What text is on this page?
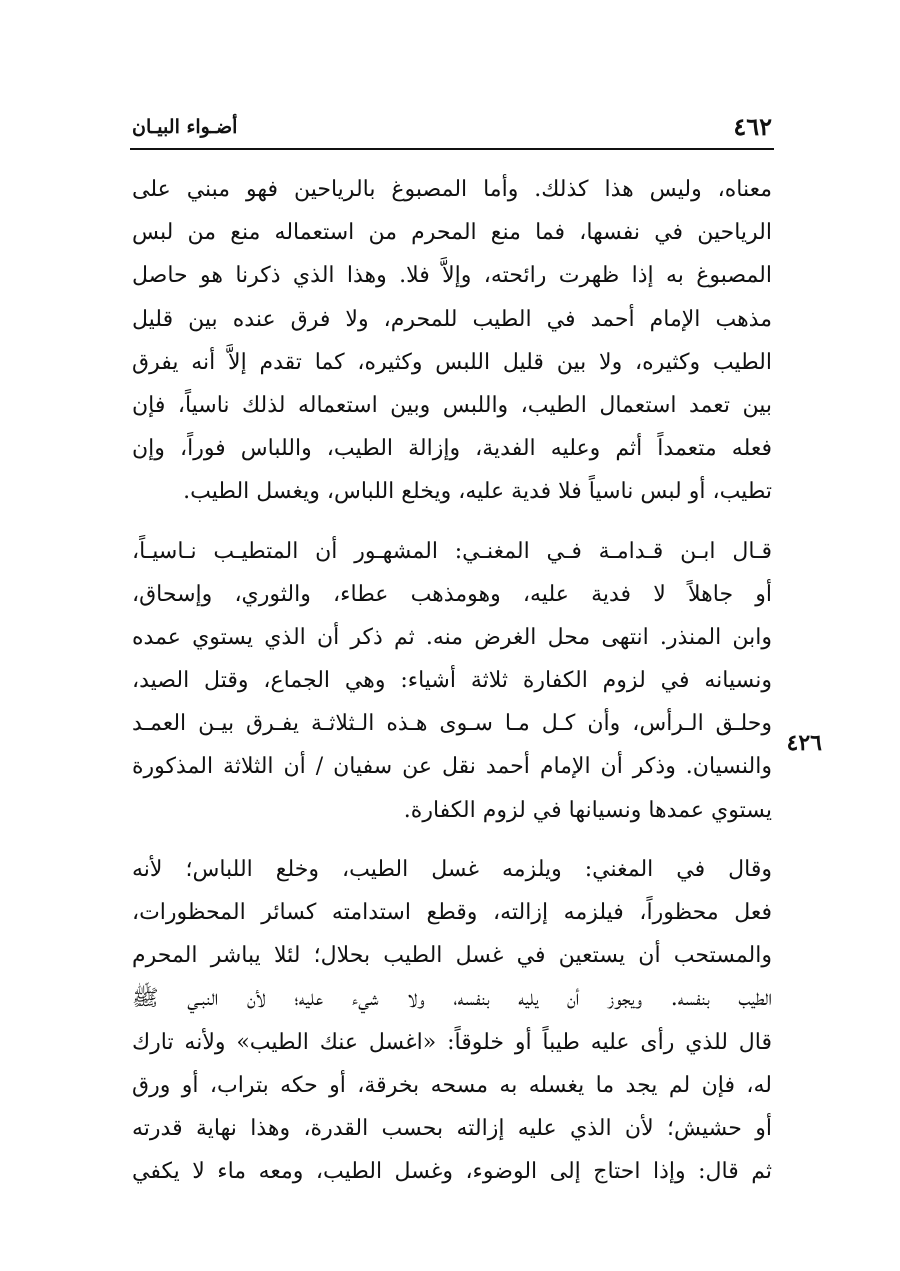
٤٦٢
أضـواء البيـان
٤٢٦
معناه، وليس هذا كذلك. وأما المصبوغ بالرياحين فهو مبني على
الرياحين في نفسها، فما منع المحرم من استعماله منع من لبس
المصبوغ به إذا ظهرت رائحته، وإلاَّ فلا. وهذا الذي ذكرنا هو حاصل
مذهب الإمام أحمد في الطيب للمحرم، ولا فرق عنده بين قليل
الطيب وكثيره، ولا بين قليل اللبس وكثيره، كما تقدم إلاَّ أنه يفرق
بين تعمد استعمال الطيب، واللبس وبين استعماله لذلك ناسياً، فإن
فعله متعمداً أثم وعليه الفدية، وإزالة الطيب، واللباس فوراً، وإن
تطيب، أو لبس ناسياً فلا فدية عليه، ويخلع اللباس، ويغسل الطيب.
قـال ابـن قـدامـة فـي المغنـي: المشهـور أن المتطيـب نـاسيـاً،
أو جاهلاً لا فدية عليه، وهومذهب عطاء، والثوري، وإسحاق،
وابن المنذر. انتهى محل الغرض منه. ثم ذكر أن الذي يستوي عمده
ونسيانه في لزوم الكفارة ثلاثة أشياء: وهي الجماع، وقتل الصيد،
وحلـق الـرأس، وأن كـل مـا سـوى هـذه الـثلاثـة يفـرق بيـن العمـد
والنسيان. وذكر أن الإمام أحمد نقل عن سفيان / أن الثلاثة المذكورة
يستوي عمدها ونسيانها في لزوم الكفارة.
وقال في المغني: ويلزمه غسل الطيب، وخلع اللباس؛ لأنه
فعل محظوراً، فيلزمه إزالته، وقطع استدامته كسائر المحظورات،
والمستحب أن يستعين في غسل الطيب بحلال؛ لئلا يباشر المحرم
الطيب بنفسه. ويجوز أن يليه بنفسه، ولا شيء عليه؛ لأن النبـي ﷺ
قال للذي رأى عليه طيباً أو خلوقاً: «اغسل عنك الطيب» ولأنه تارك
له، فإن لم يجد ما يغسله به مسحه بخرقة، أو حكه بتراب، أو ورق
أو حشيش؛ لأن الذي عليه إزالته بحسب القدرة، وهذا نهاية قدرته
ثم قال: وإذا احتاج إلى الوضوء، وغسل الطيب، ومعه ماء لا يكفي
